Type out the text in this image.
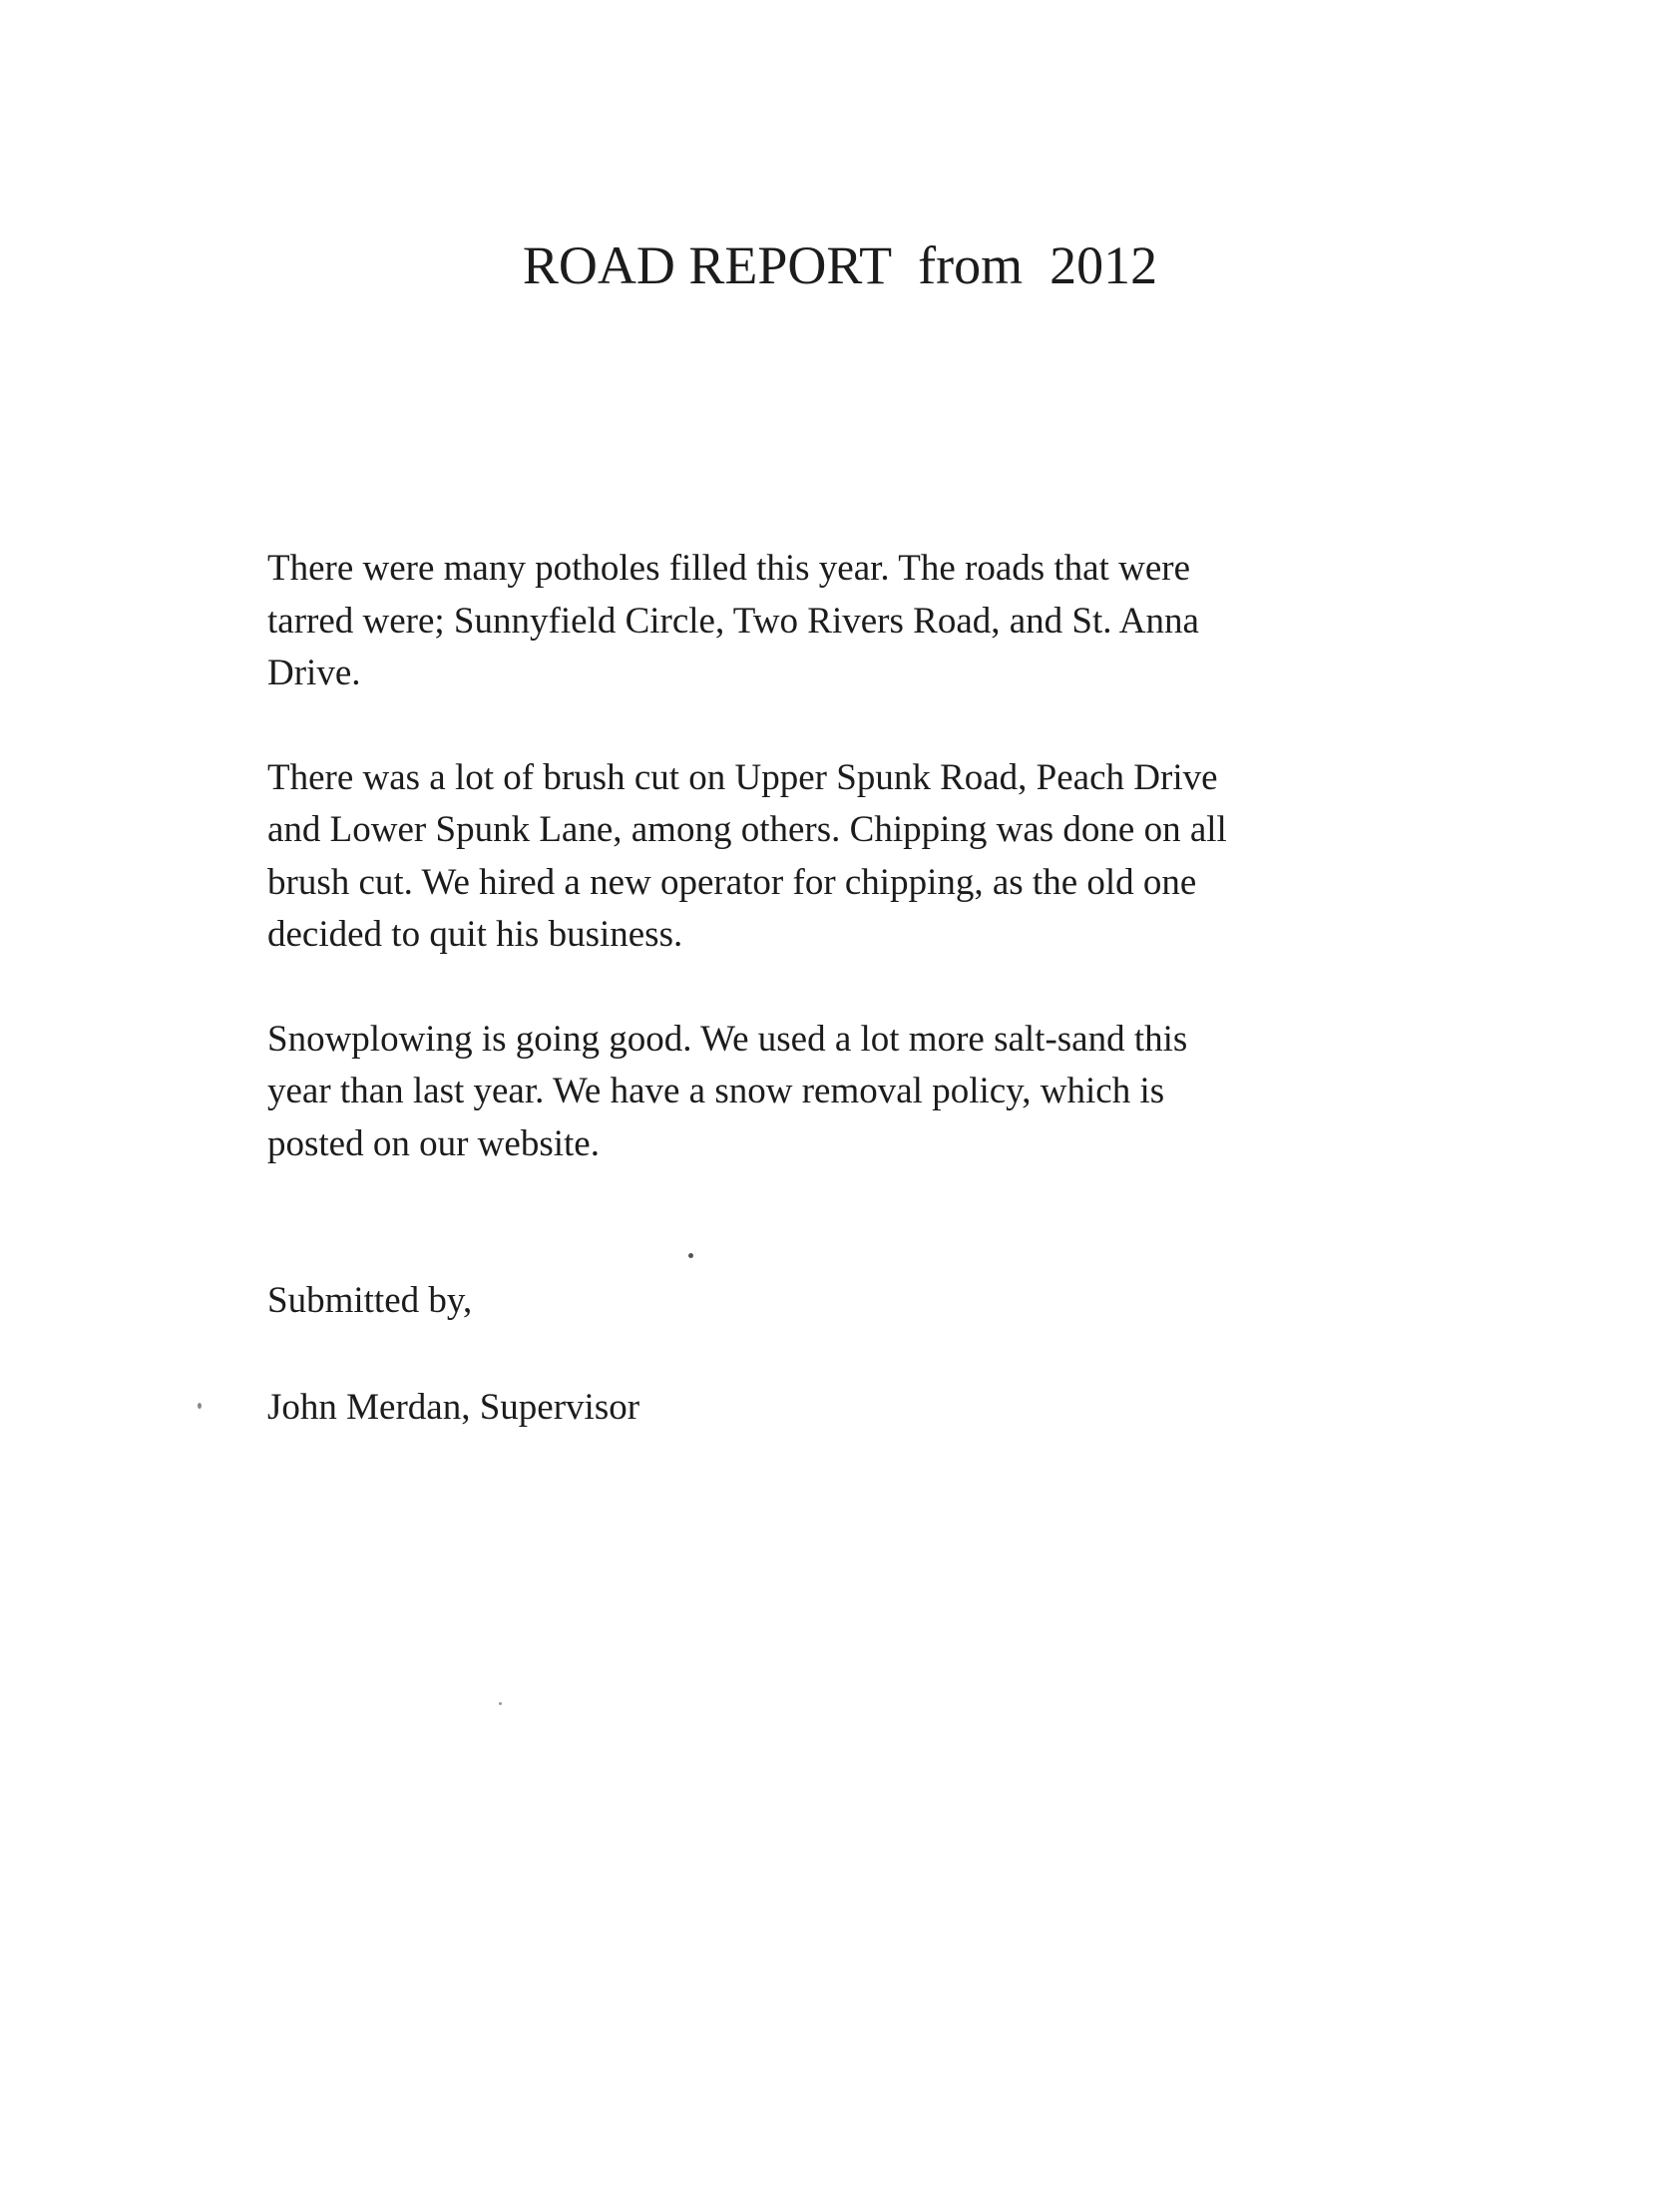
ROAD REPORT  from  2012

There were many potholes filled this year. The roads that were
tarred were; Sunnyfield Circle, Two Rivers Road, and St. Anna
Drive.

There was a lot of brush cut on Upper Spunk Road, Peach Drive
and Lower Spunk Lane, among others. Chipping was done on all
brush cut. We hired a new operator for chipping, as the old one
decided to quit his business.

Snowplowing is going good. We used a lot more salt-sand this
year than last year. We have a snow removal policy, which is
posted on our website.

Submitted by,

John Merdan, Supervisor
